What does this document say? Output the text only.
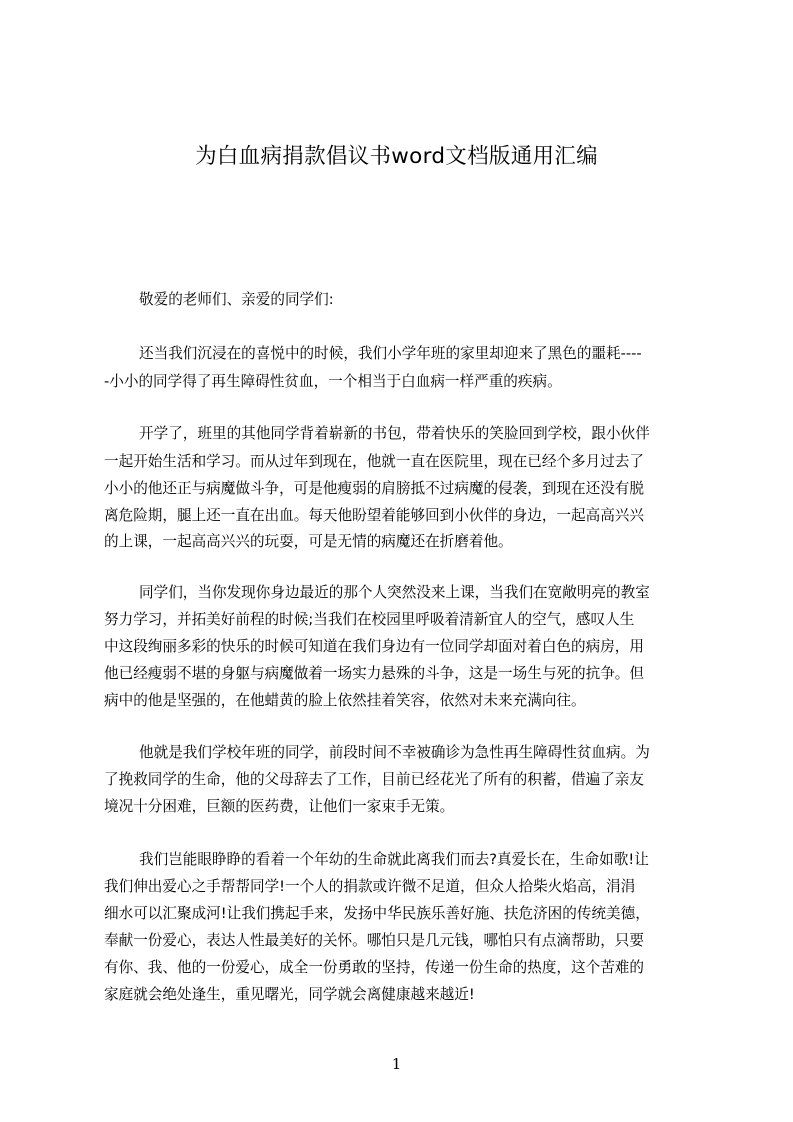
为白血病捐款倡议书word文档版通用汇编

敬爱的老师们、亲爱的同学们:

还当我们沉浸在的喜悦中的时候，我们小学年班的家里却迎来了黑色的噩耗----

-小小的同学得了再生障碍性贫血，一个相当于白血病一样严重的疾病。

开学了，班里的其他同学背着崭新的书包，带着快乐的笑脸回到学校，跟小伙伴

一起开始生活和学习。而从过年到现在，他就一直在医院里，现在已经个多月过去了

小小的他还正与病魔做斗争，可是他瘦弱的肩膀抵不过病魔的侵袭，到现在还没有脱

离危险期，腿上还一直在出血。每天他盼望着能够回到小伙伴的身边，一起高高兴兴

的上课，一起高高兴兴的玩耍，可是无情的病魔还在折磨着他。

同学们，当你发现你身边最近的那个人突然没来上课，当我们在宽敞明亮的教室

努力学习，并拓美好前程的时候;当我们在校园里呼吸着清新宜人的空气，感叹人生

中这段绚丽多彩的快乐的时候可知道在我们身边有一位同学却面对着白色的病房，用

他已经瘦弱不堪的身躯与病魔做着一场实力悬殊的斗争，这是一场生与死的抗争。但

病中的他是坚强的，在他蜡黄的脸上依然挂着笑容，依然对未来充满向往。

他就是我们学校年班的同学，前段时间不幸被确诊为急性再生障碍性贫血病。为

了挽救同学的生命，他的父母辞去了工作，目前已经花光了所有的积蓄，借遍了亲友

境况十分困难，巨额的医药费，让他们一家束手无策。

我们岂能眼睁睁的看着一个年幼的生命就此离我们而去?真爱长在，生命如歌!让

我们伸出爱心之手帮帮同学!一个人的捐款或许微不足道，但众人拾柴火焰高，涓涓

细水可以汇聚成河!让我们携起手来，发扬中华民族乐善好施、扶危济困的传统美德，

奉献一份爱心，表达人性最美好的关怀。哪怕只是几元钱，哪怕只有点滴帮助，只要

有你、我、他的一份爱心，成全一份勇敢的坚持，传递一份生命的热度，这个苦难的

家庭就会绝处逢生，重见曙光，同学就会离健康越来越近!

1
